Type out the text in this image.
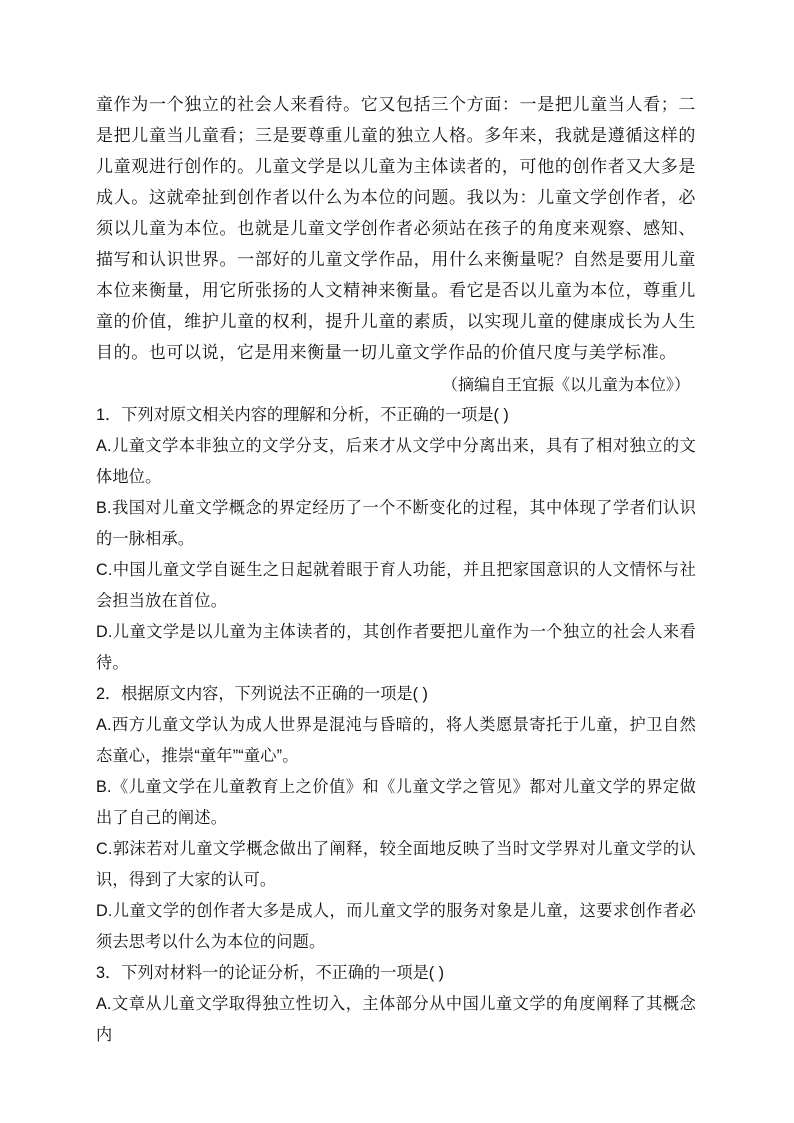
童作为一个独立的社会人来看待。它又包括三个方面：一是把儿童当人看；二是把儿童当儿童看；三是要尊重儿童的独立人格。多年来，我就是遵循这样的儿童观进行创作的。儿童文学是以儿童为主体读者的，可他的创作者又大多是成人。这就牵扯到创作者以什么为本位的问题。我以为：儿童文学创作者，必须以儿童为本位。也就是儿童文学创作者必须站在孩子的角度来观察、感知、描写和认识世界。一部好的儿童文学作品，用什么来衡量呢？自然是要用儿童本位来衡量，用它所张扬的人文精神来衡量。看它是否以儿童为本位，尊重儿童的价值，维护儿童的权利，提升儿童的素质，以实现儿童的健康成长为人生目的。也可以说，它是用来衡量一切儿童文学作品的价值尺度与美学标准。

（摘编自王宜振《以儿童为本位》）

1．下列对原文相关内容的理解和分析，不正确的一项是( )

A.儿童文学本非独立的文学分支，后来才从文学中分离出来，具有了相对独立的文体地位。

B.我国对儿童文学概念的界定经历了一个不断变化的过程，其中体现了学者们认识的一脉相承。

C.中国儿童文学自诞生之日起就着眼于育人功能，并且把家国意识的人文情怀与社会担当放在首位。

D.儿童文学是以儿童为主体读者的，其创作者要把儿童作为一个独立的社会人来看待。

2．根据原文内容，下列说法不正确的一项是( )

A.西方儿童文学认为成人世界是混沌与昏暗的，将人类愿景寄托于儿童，护卫自然态童心，推崇“童年”“童心”。

B.《儿童文学在儿童教育上之价值》和《儿童文学之管见》都对儿童文学的界定做出了自己的阐述。

C.郭沫若对儿童文学概念做出了阐释，较全面地反映了当时文学界对儿童文学的认识，得到了大家的认可。

D.儿童文学的创作者大多是成人，而儿童文学的服务对象是儿童，这要求创作者必须去思考以什么为本位的问题。

3．下列对材料一的论证分析，不正确的一项是( )

A.文章从儿童文学取得独立性切入，主体部分从中国儿童文学的角度阐释了其概念内
